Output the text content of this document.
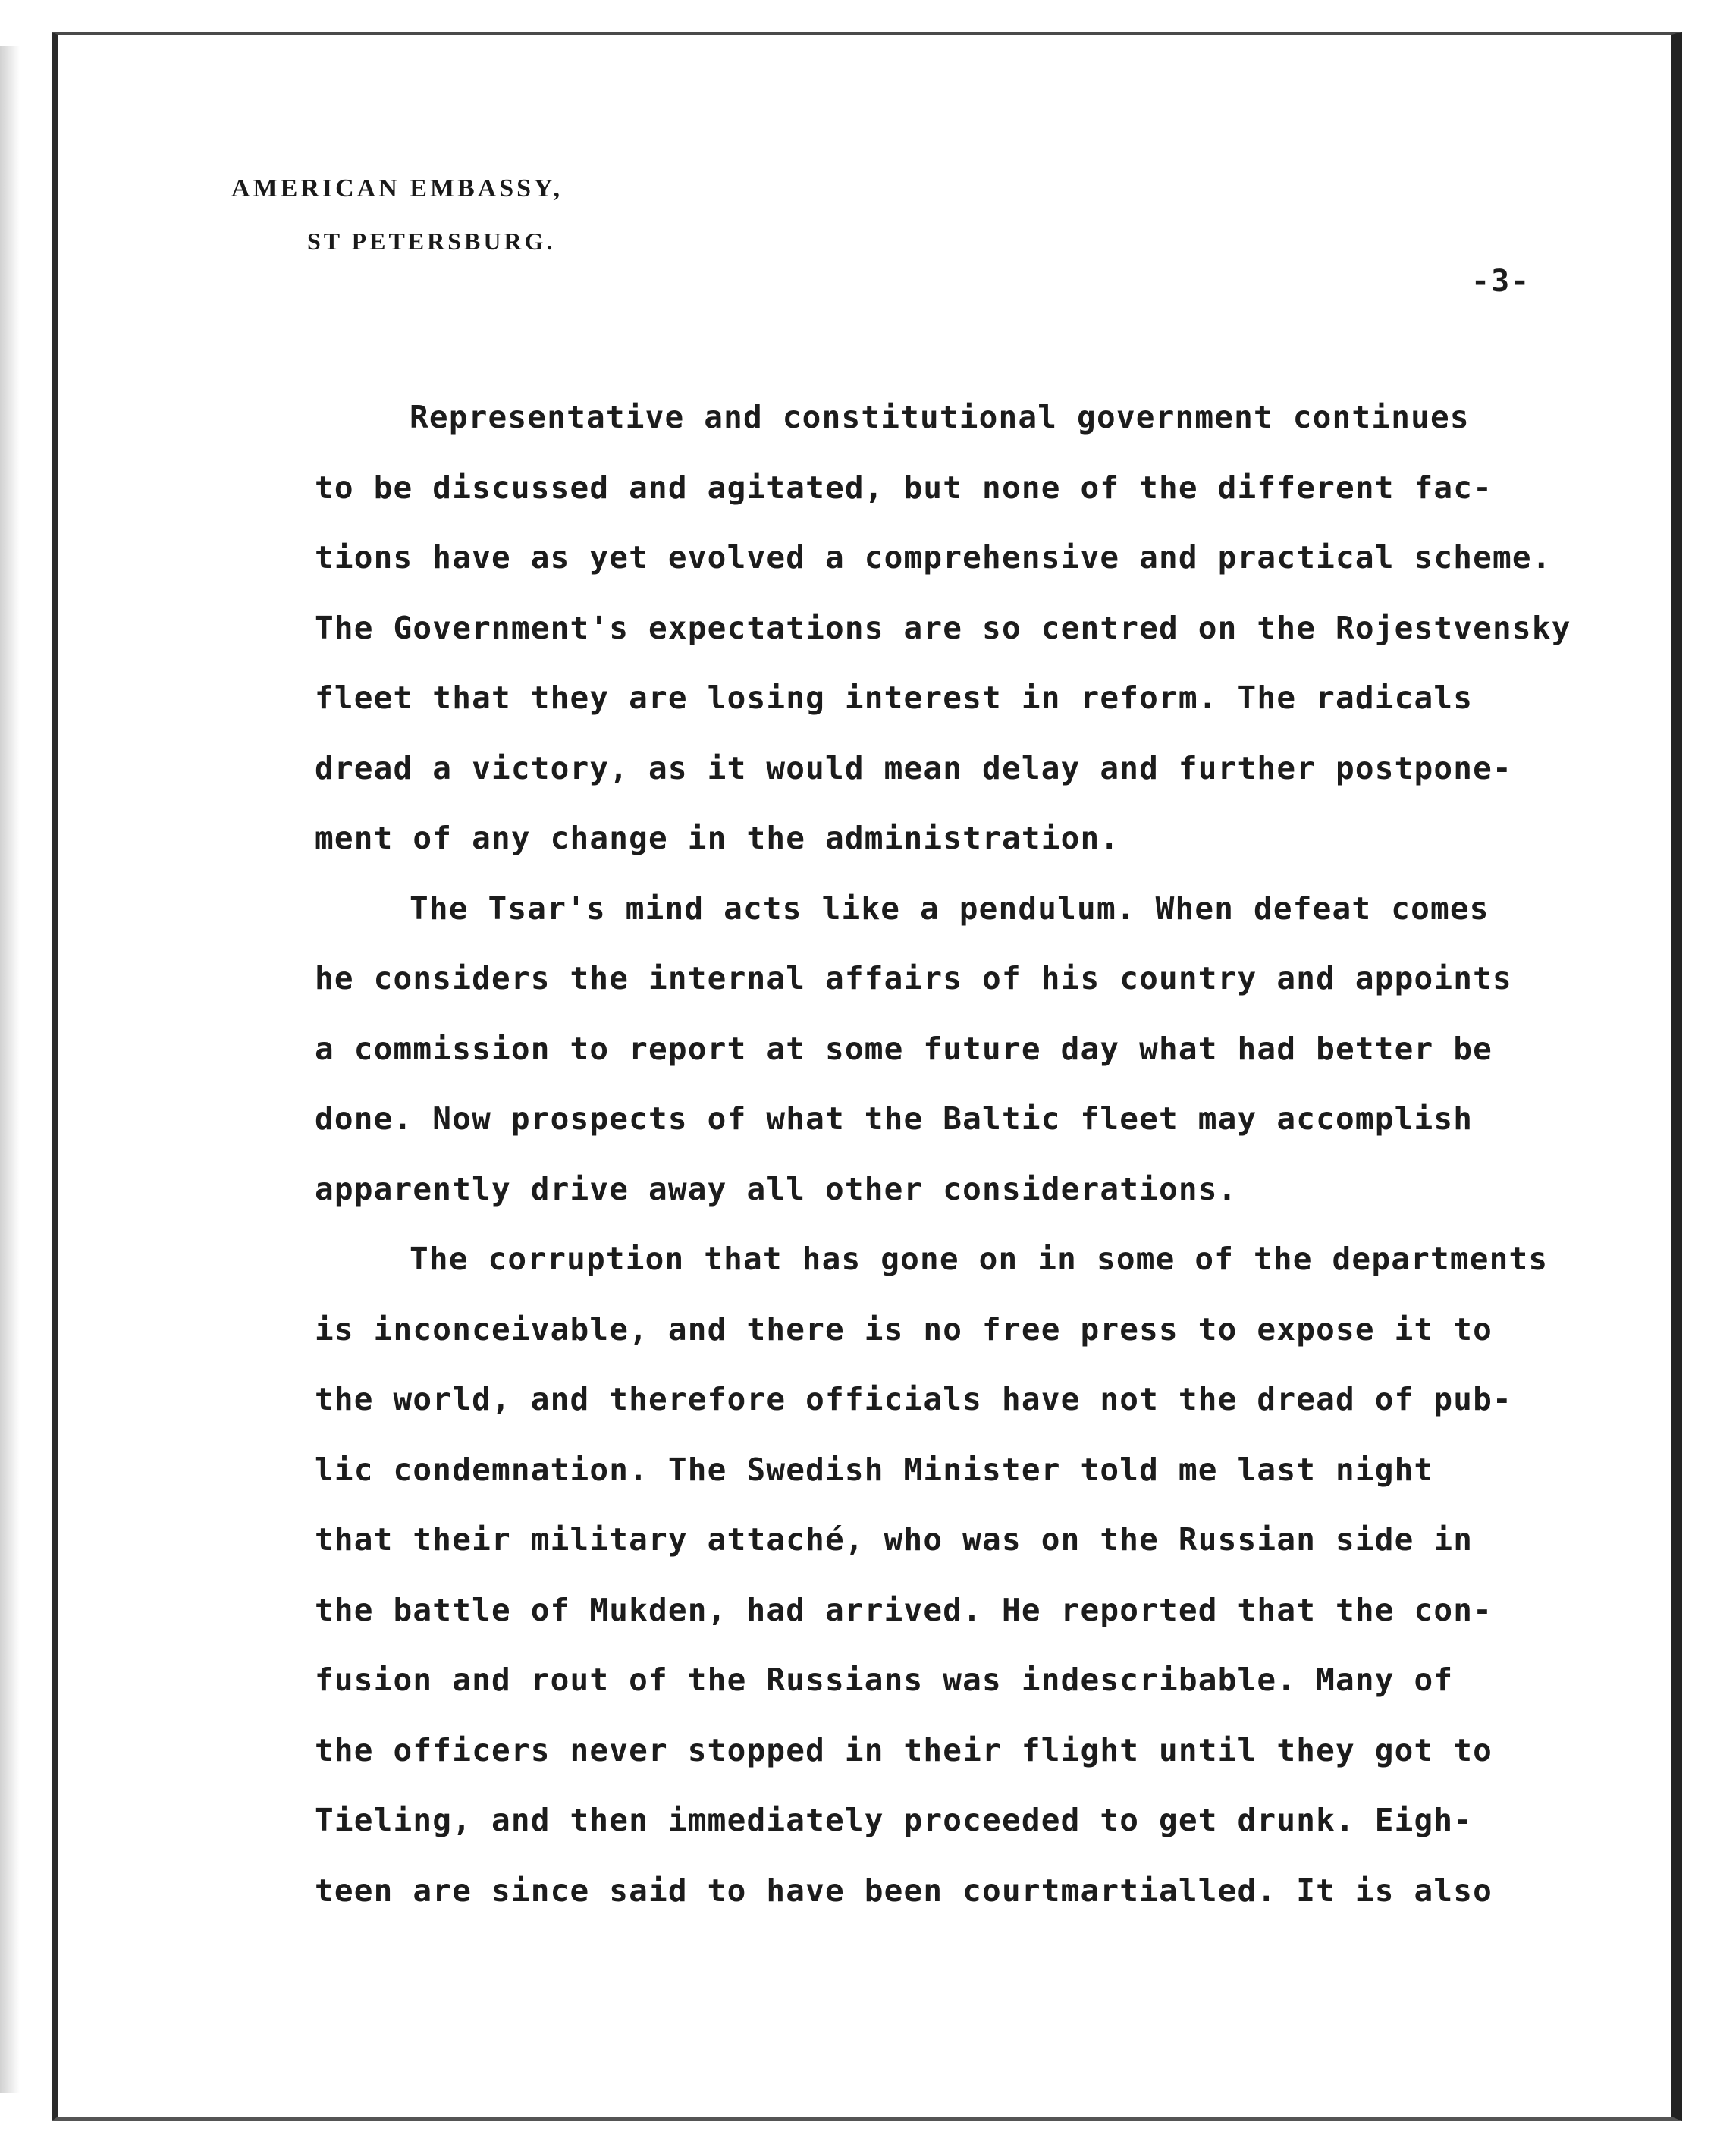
AMERICAN EMBASSY,
ST PETERSBURG.
-3-
Representative and constitutional government continues
to be discussed and agitated, but none of the different fac-
tions have as yet evolved a comprehensive and practical scheme.
The Government's expectations are so centred on the Rojestvensky
fleet that they are losing interest in reform. The radicals
dread a victory, as it would mean delay and further postpone-
ment of any change in the administration.
The Tsar's mind acts like a pendulum. When defeat comes
he considers the internal affairs of his country and appoints
a commission to report at some future day what had better be
done. Now prospects of what the Baltic fleet may accomplish
apparently drive away all other considerations.
The corruption that has gone on in some of the departments
is inconceivable, and there is no free press to expose it to
the world, and therefore officials have not the dread of pub-
lic condemnation. The Swedish Minister told me last night
that their military attaché, who was on the Russian side in
the battle of Mukden, had arrived. He reported that the con-
fusion and rout of the Russians was indescribable. Many of
the officers never stopped in their flight until they got to
Tieling, and then immediately proceeded to get drunk. Eigh-
teen are since said to have been courtmartialled. It is also
